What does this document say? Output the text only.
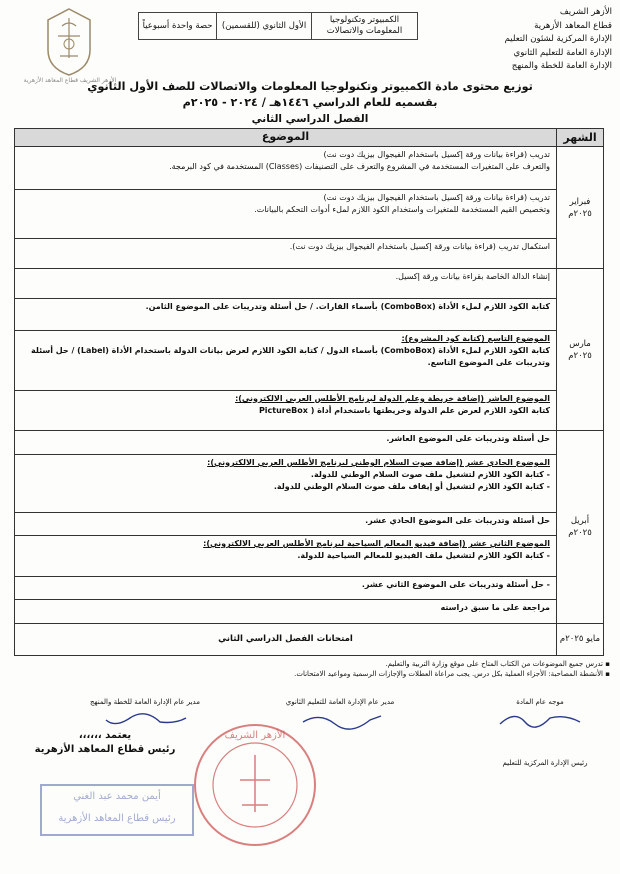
الأزهر الشريف
قطاع المعاهد الأزهرية
الإدارة المركزية لشئون التعليم
الإدارة العامة للتعليم الثانوي
الإدارة العامة للخطة والمنهج
الأزهر الشريف قطاع المعاهد الأزهرية
الكمبيوتر وتكنولوجيا المعلومات والاتصالات	الأول الثانوي (للقسمين)	حصة واحدة أسبوعياً
توزيع محتوى مادة الكمبيوتر وتكنولوجيا المعلومات والاتصالات للصف الأول الثانوي
بقسميه للعام الدراسي ١٤٤٦هـ / ٢٠٢٤ - ٢٠٢٥م
الفصل الدراسي الثاني
الشهر	الموضوع
فبراير ٢٠٢٥م	تدريب (قراءة بيانات ورقة إكسيل باستخدام الفيجوال بيزيك دوت نت)
والتعرف على المتغيرات المستخدمة في المشروع والتعرف على التصنيفات (Classes) المستخدمة في كود البرمجة.

	تدريب (قراءة بيانات ورقة إكسيل باستخدام الفيجوال بيزيك دوت نت)
وتخصيص القيم المستخدمة للمتغيرات واستخدام الكود اللازم لملء أدوات التحكم بالبيانات.

	استكمال تدريب (قراءة بيانات ورقة إكسيل باستخدام الفيجوال بيزيك دوت نت).

مارس ٢٠٢٥م	إنشاء الدالة الخاصة بقراءة بيانات ورقة إكسيل.

	كتابة الكود اللازم لملء الأداة (ComboBox) بأسماء القارات. / حل أسئلة وتدريبات على الموضوع الثامن.

	الموضوع التاسع (كتابة كود المشروع):
كتابة الكود اللازم لملء الأداة (ComboBox) بأسماء الدول / كتابة الكود اللازم لعرض بيانات الدولة باستخدام الأداة (Label) / حل أسئلة وتدريبات على الموضوع التاسع.

	الموضوع العاشر (إضافة خريطة وعلم الدولة لبرنامج الأطلس العربي الالكتروني):
كتابة الكود اللازم لعرض علم الدولة وخريطتها باستخدام أداة ( PictureBox

أبريل ٢٠٢٥م	حل أسئلة وتدريبات على الموضوع العاشر.

	الموضوع الحادي عشر (إضافة صوت السلام الوطني لبرنامج الأطلس العربي الالكتروني):
- كتابة الكود اللازم لتشغيل ملف صوت السلام الوطني للدولة.
- كتابة الكود اللازم لتشغيل أو إيقاف ملف صوت السلام الوطني للدولة.

	حل أسئلة وتدريبات على الموضوع الحادي عشر.

	الموضوع الثاني عشر (إضافة فيديو المعالم السياحية لبرنامج الأطلس العربي الالكتروني):
- كتابة الكود اللازم لتشغيل ملف الفيديو للمعالم السياحية للدولة.

	- حل أسئلة وتدريبات على الموضوع الثاني عشر.

	مراجعة على ما سبق دراسته

مايو ٢٠٢٥م	امتحانات الفصل الدراسي الثاني
▪ تدرس جميع الموضوعات من الكتاب المتاح على موقع وزارة التربية والتعليم.
▪ الأنشطة المصاحبة: الأجزاء العملية بكل درس. يجب مراعاة العطلات والإجازات الرسمية ومواعيد الامتحانات.
موجه عام المادة
مدير عام الإدارة العامة للتعليم الثانوي
مدير عام الإدارة العامة للخطة والمنهج
رئيس الإدارة المركزية للتعليم
يعتمد ،،،،،،
رئيس قطاع المعاهد الأزهرية
أيمن محمد عبد الغني
رئيس قطاع المعاهد الأزهرية
الأزهر الشريف
